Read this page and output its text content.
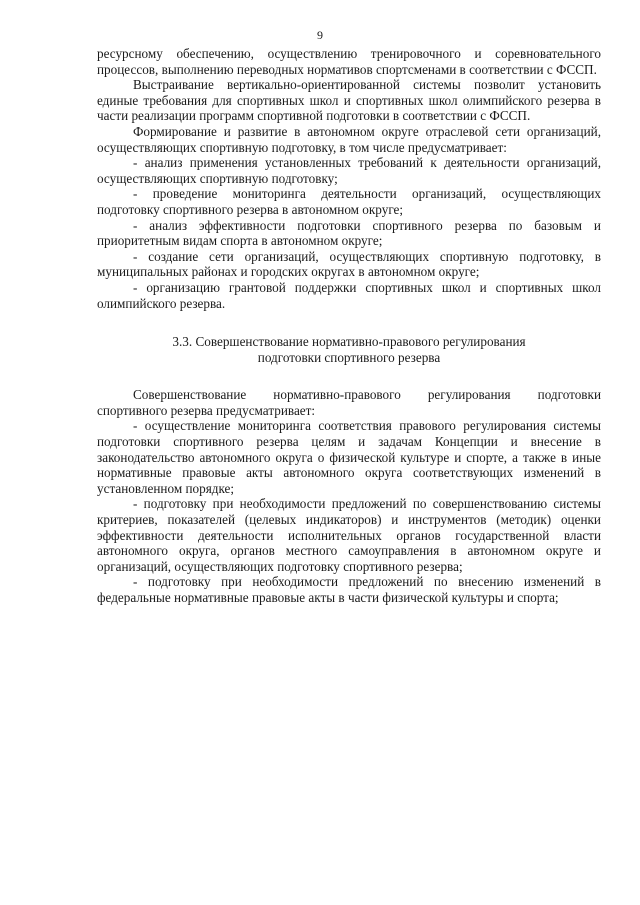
9

ресурсному обеспечению, осуществлению тренировочного и соревновательного процессов, выполнению переводных нормативов спортсменами в соответствии с ФССП.

Выстраивание вертикально-ориентированной системы позволит установить единые требования для спортивных школ и спортивных школ олимпийского резерва в части реализации программ спортивной подготовки в соответствии с ФССП.

Формирование и развитие в автономном округе отраслевой сети организаций, осуществляющих спортивную подготовку, в том числе предусматривает:

- анализ применения установленных требований к деятельности организаций, осуществляющих спортивную подготовку;

- проведение мониторинга деятельности организаций, осуществляющих подготовку спортивного резерва в автономном округе;

- анализ эффективности подготовки спортивного резерва по базовым и приоритетным видам спорта в автономном округе;

- создание сети организаций, осуществляющих спортивную подготовку, в муниципальных районах и городских округах в автономном округе;

- организацию грантовой поддержки спортивных школ и спортивных школ олимпийского резерва.

3.3. Совершенствование нормативно-правового регулирования
подготовки спортивного резерва

Совершенствование нормативно-правового регулирования подготовки спортивного резерва предусматривает:

- осуществление мониторинга соответствия правового регулирования системы подготовки спортивного резерва целям и задачам Концепции и внесение в законодательство автономного округа о физической культуре и спорте, а также в иные нормативные правовые акты автономного округа соответствующих изменений в установленном порядке;

- подготовку при необходимости предложений по совершенствованию системы критериев, показателей (целевых индикаторов) и инструментов (методик) оценки эффективности деятельности исполнительных органов государственной власти автономного округа, органов местного самоуправления в автономном округе и организаций, осуществляющих подготовку спортивного резерва;

- подготовку при необходимости предложений по внесению изменений в федеральные нормативные правовые акты в части физической культуры и спорта;
